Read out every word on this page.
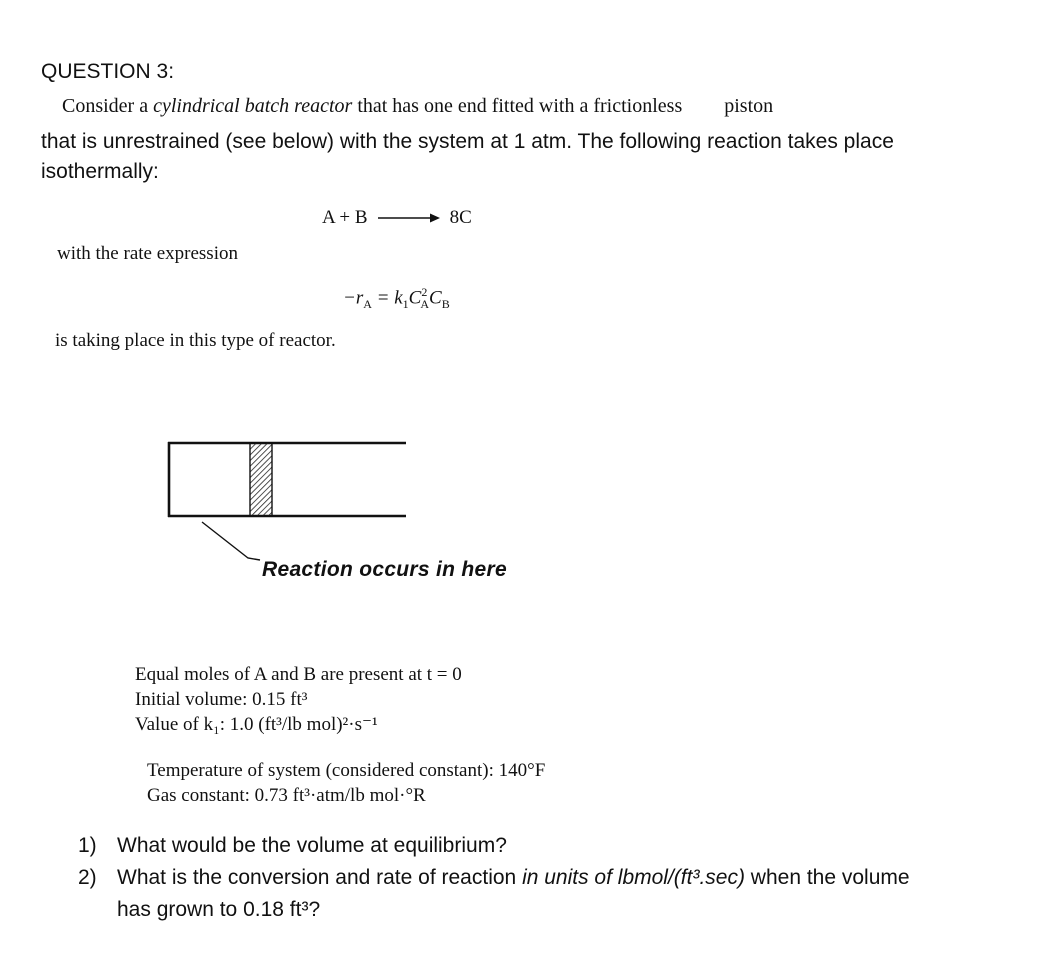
QUESTION 3:
Consider a cylindrical batch reactor that has one end fitted with a frictionless piston
that is unrestrained (see below) with the system at 1 atm. The following reaction takes place
isothermally:
A + B → 8C
with the rate expression
$-r_A = k_1C^2_AC_B$
is taking place in this type of reactor.
Reaction occurs in here
Equal moles of A and B are present at t = 0
Initial volume: 0.15 ft³
Value of k₁: 1.0 (ft³/lb mol)²·s⁻¹
Temperature of system (considered constant): 140°F
Gas constant: 0.73 ft³·atm/lb mol·°R
1) What would be the volume at equilibrium?
2) What is the conversion and rate of reaction in units of lbmol/(ft³.sec) when the volume
has grown to 0.18 ft³?
